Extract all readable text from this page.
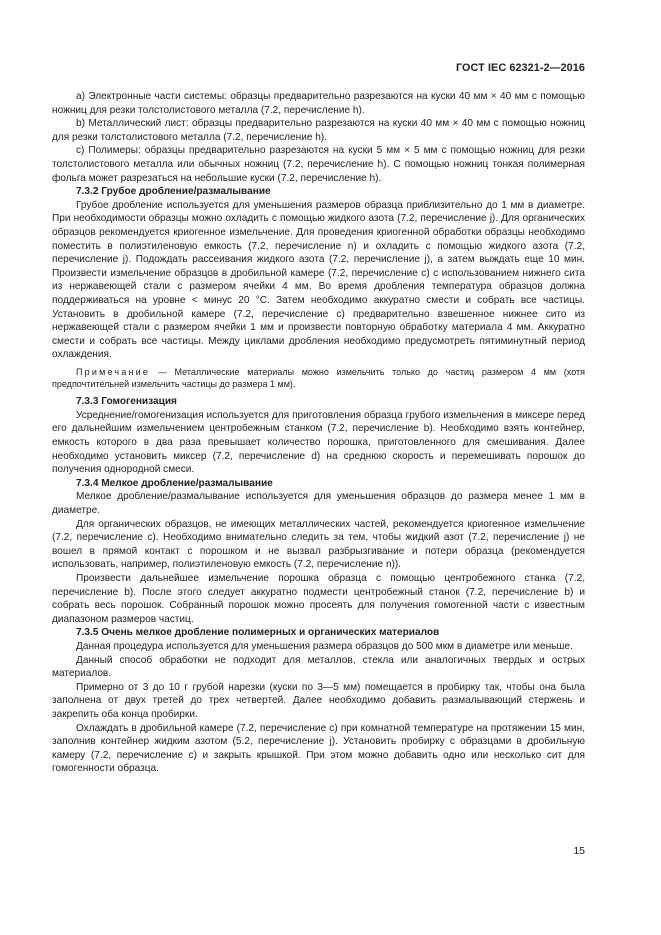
ГОСТ IEC 62321-2—2016

а) Электронные части системы: образцы предварительно разрезаются на куски 40 мм × 40 мм с помощью ножниц для резки толстолистового металла (7.2, перечисление h).

b) Металлический лист: образцы предварительно разрезаются на куски 40 мм × 40 мм с помощью ножниц для резки толстолистового металла (7.2, перечисление h).

c) Полимеры: образцы предварительно разрезаются на куски 5 мм × 5 мм с помощью ножниц для резки толстолистового металла или обычных ножниц (7.2, перечисление h). С помощью ножниц тонкая полимерная фольга может разрезаться на небольшие куски (7.2, перечисление h).

7.3.2 Грубое дробление/размалывание

Грубое дробление используется для уменьшения размеров образца приблизительно до 1 мм в диаметре. При необходимости образцы можно охладить с помощью жидкого азота (7.2, перечисление j). Для органических образцов рекомендуется криогенное измельчение. Для проведения криогенной обработки образцы необходимо поместить в полиэтиленовую емкость (7.2, перечисление n) и охладить с помощью жидкого азота (7.2, перечисление j). Подождать рассеивания жидкого азота (7.2, перечисление j), а затем выждать еще 10 мин. Произвести измельчение образцов в дробильной камере (7.2, перечисление с) с использованием нижнего сита из нержавеющей стали с размером ячейки 4 мм. Во время дробления температура образцов должна поддерживаться на уровне < минус 20 °С. Затем необходимо аккуратно смести и собрать все частицы. Установить в дробильной камере (7.2, перечисление с) предварительно взвешенное нижнее сито из нержавеющей стали с размером ячейки 1 мм и произвести повторную обработку материала 4 мм. Аккуратно смести и собрать все частицы. Между циклами дробления необходимо предусмотреть пятиминутный период охлаждения.

Примечание — Металлические материалы можно измельчить только до частиц размером 4 мм (хотя предпочтительней измельчить частицы до размера 1 мм).

7.3.3 Гомогенизация

Усреднение/гомогенизация используется для приготовления образца грубого измельчения в миксере перед его дальнейшим измельчением центробежным станком (7.2, перечисление b). Необходимо взять контейнер, емкость которого в два раза превышает количество порошка, приготовленного для смешивания. Далее необходимо установить миксер (7.2, перечисление d) на среднюю скорость и перемешивать порошок до получения однородной смеси.

7.3.4 Мелкое дробление/размалывание

Мелкое дробление/размалывание используется для уменьшения образцов до размера менее 1 мм в диаметре.

Для органических образцов, не имеющих металлических частей, рекомендуется криогенное измельчение (7.2, перечисление с). Необходимо внимательно следить за тем, чтобы жидкий азот (7.2, перечисление j) не вошел в прямой контакт с порошком и не вызвал разбрызгивание и потери образца (рекомендуется использовать, например, полиэтиленовую емкость (7.2, перечисление n)).

Произвести дальнейшее измельчение порошка образца с помощью центробежного станка (7.2, перечисление b). После этого следует аккуратно подмести центробежный станок (7.2, перечисление b) и собрать весь порошок. Собранный порошок можно просеять для получения гомогенной части с известным диапазоном размеров частиц.

7.3.5 Очень мелкое дробление полимерных и органических материалов

Данная процедура используется для уменьшения размера образцов до 500 мкм в диаметре или меньше.

Данный способ обработки не подходит для металлов, стекла или аналогичных твердых и острых материалов.

Примерно от 3 до 10 г грубой нарезки (куски по 3—5 мм) помещается в пробирку так, чтобы она была заполнена от двух третей до трех четвертей. Далее необходимо добавить размалывающий стержень и закрепить оба конца пробирки.

Охлаждать в дробильной камере (7.2, перечисление с) при комнатной температуре на протяжении 15 мин, заполнив контейнер жидким азотом (5.2, перечисление j). Установить пробирку с образцами в дробильную камеру (7.2, перечисление с) и закрыть крышкой. При этом можно добавить одно или несколько сит для гомогенности образца.

15
